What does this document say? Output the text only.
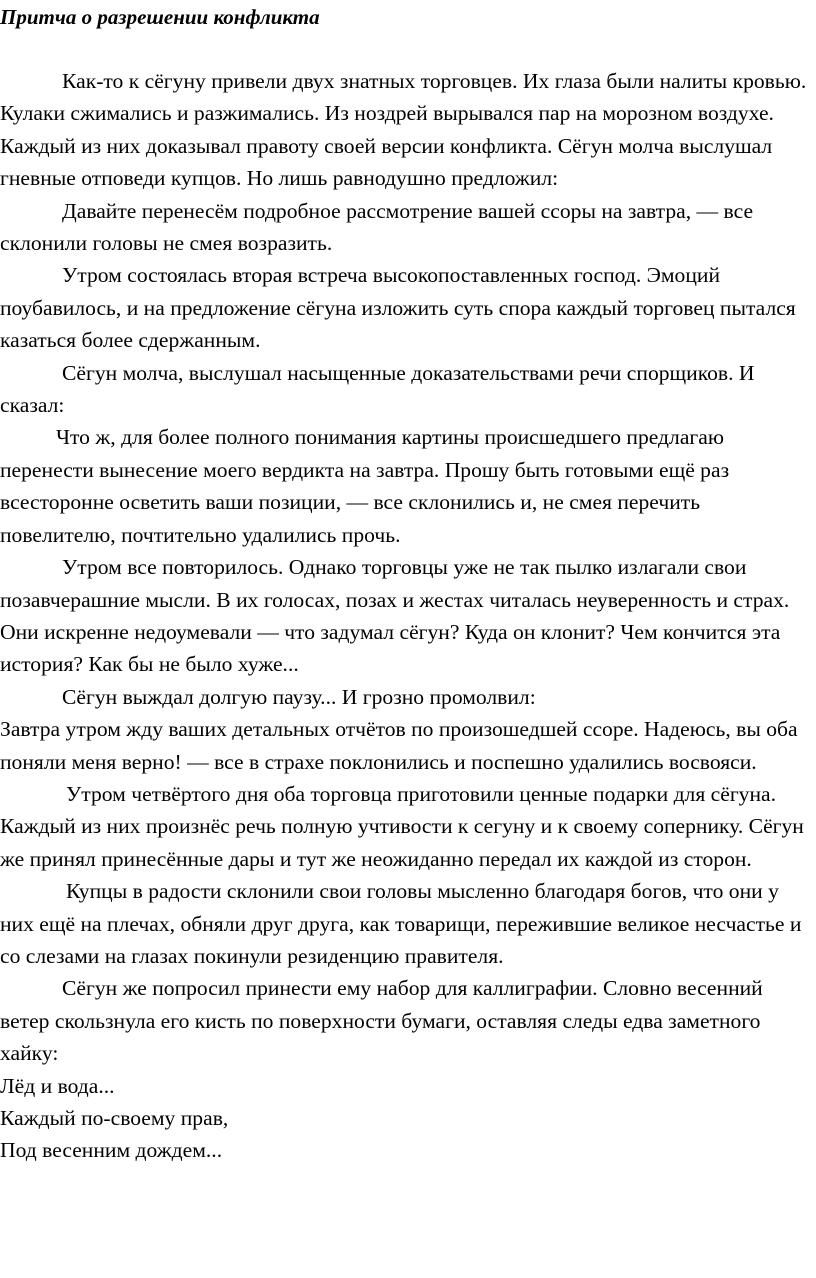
Притча о разрешении конфликта

Как-то к сёгуну привели двух знатных торговцев. Их глаза были налиты кровью. Кулаки сжимались и разжимались. Из ноздрей вырывался пар на морозном воздухе. Каждый из них доказывал правоту своей версии конфликта. Сёгун молча выслушал гневные отповеди купцов. Но лишь равнодушно предложил:

Давайте перенесём подробное рассмотрение вашей ссоры на завтра, — все склонили головы не смея возразить.

Утром состоялась вторая встреча высокопоставленных господ. Эмоций поубавилось, и на предложение сёгуна изложить суть спора каждый торговец пытался казаться более сдержанным.

Сёгун молча, выслушал насыщенные доказательствами речи спорщиков. И сказал:

Что ж, для более полного понимания картины происшедшего предлагаю перенести вынесение моего вердикта на завтра. Прошу быть готовыми ещё раз всесторонне осветить ваши позиции, — все склонились и, не смея перечить повелителю, почтительно удалились прочь.

Утром все повторилось. Однако торговцы уже не так пылко излагали свои позавчерашние мысли. В их голосах, позах и жестах читалась неуверенность и страх. Они искренне недоумевали — что задумал сёгун? Куда он клонит? Чем кончится эта история? Как бы не было хуже...

Сёгун выждал долгую паузу... И грозно промолвил:

Завтра утром жду ваших детальных отчётов по произошедшей ссоре. Надеюсь, вы оба поняли меня верно! — все в страхе поклонились и поспешно удалились восвояси.

Утром четвёртого дня оба торговца приготовили ценные подарки для сёгуна. Каждый из них произнёс речь полную учтивости к сегуну и к своему сопернику. Сёгун же принял принесённые дары и тут же неожиданно передал их каждой из сторон.

Купцы в радости склонили свои головы мысленно благодаря богов, что они у них ещё на плечах, обняли друг друга, как товарищи, пережившие великое несчастье и со слезами на глазах покинули резиденцию правителя.

Сёгун же попросил принести ему набор для каллиграфии. Словно весенний ветер скользнула его кисть по поверхности бумаги, оставляя следы едва заметного хайку:

Лёд и вода...

Каждый по-своему прав,

Под весенним дождем...
